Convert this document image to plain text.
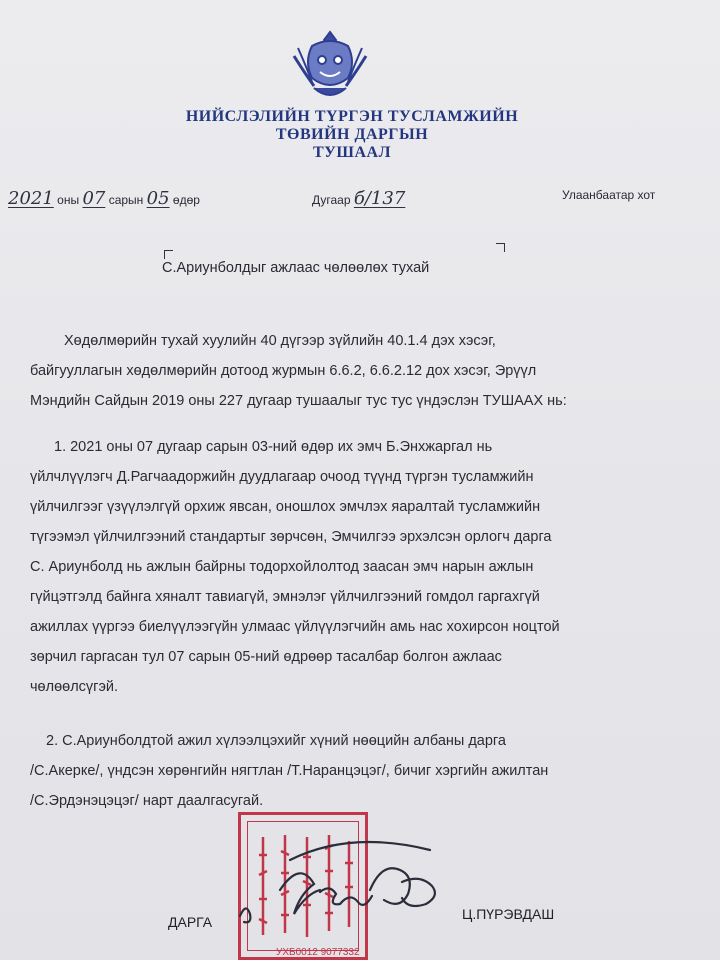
НИЙСЛЭЛИЙН ТҮРГЭН ТУСЛАМЖИЙН
ТӨВИЙН ДАРГЫН
ТУШААЛ
2021 оны 07 сарын 05 өдөр	Дугаар б/137	Улаанбаатар хот
С.Ариунболдыг ажлаас чөлөөлөх тухай
Хөдөлмөрийн тухай хуулийн 40 дүгээр зүйлийн 40.1.4 дэх хэсэг,
байгууллагын хөдөлмөрийн дотоод журмын 6.6.2, 6.6.2.12 дох хэсэг, Эрүүл
Мэндийн Сайдын 2019 оны 227 дугаар тушаалыг тус тус үндэслэн ТУШААХ нь:
1. 2021 оны 07 дугаар сарын 03-ний өдөр их эмч Б.Энхжаргал нь
үйлчлүүлэгч Д.Рагчаадоржийн дуудлагаар очоод түүнд түргэн тусламжийн
үйлчилгээг үзүүлэлгүй орхиж явсан, оношлох эмчлэх яаралтай тусламжийн
түгээмэл үйлчилгээний стандартыг зөрчсөн, Эмчилгээ эрхэлсэн орлогч дарга
С. Ариунболд нь ажлын байрны тодорхойлолтод заасан эмч нарын ажлын
гүйцэтгэлд байнга хяналт тавиагүй, эмнэлэг үйлчилгээний гомдол гаргахгүй
ажиллах үүргээ биелүүлээгүйн улмаас үйлүүлэгчийн амь нас хохирсон ноцтой
зөрчил гаргасан тул 07 сарын 05-ний өдрөөр тасалбар болгон ажлаас
чөлөөлсүгэй.
2. С.Ариунболдтой ажил хүлээлцэхийг хүний нөөцийн албаны дарга
/С.Акерке/, үндсэн хөрөнгийн нягтлан /Т.Наранцэцэг/, бичиг хэргийн ажилтан
/С.Эрдэнэцэцэг/ нарт даалгасугай.
УХБ0012 9077332
ДАРГА	Ц.ПҮРЭВДАШ
